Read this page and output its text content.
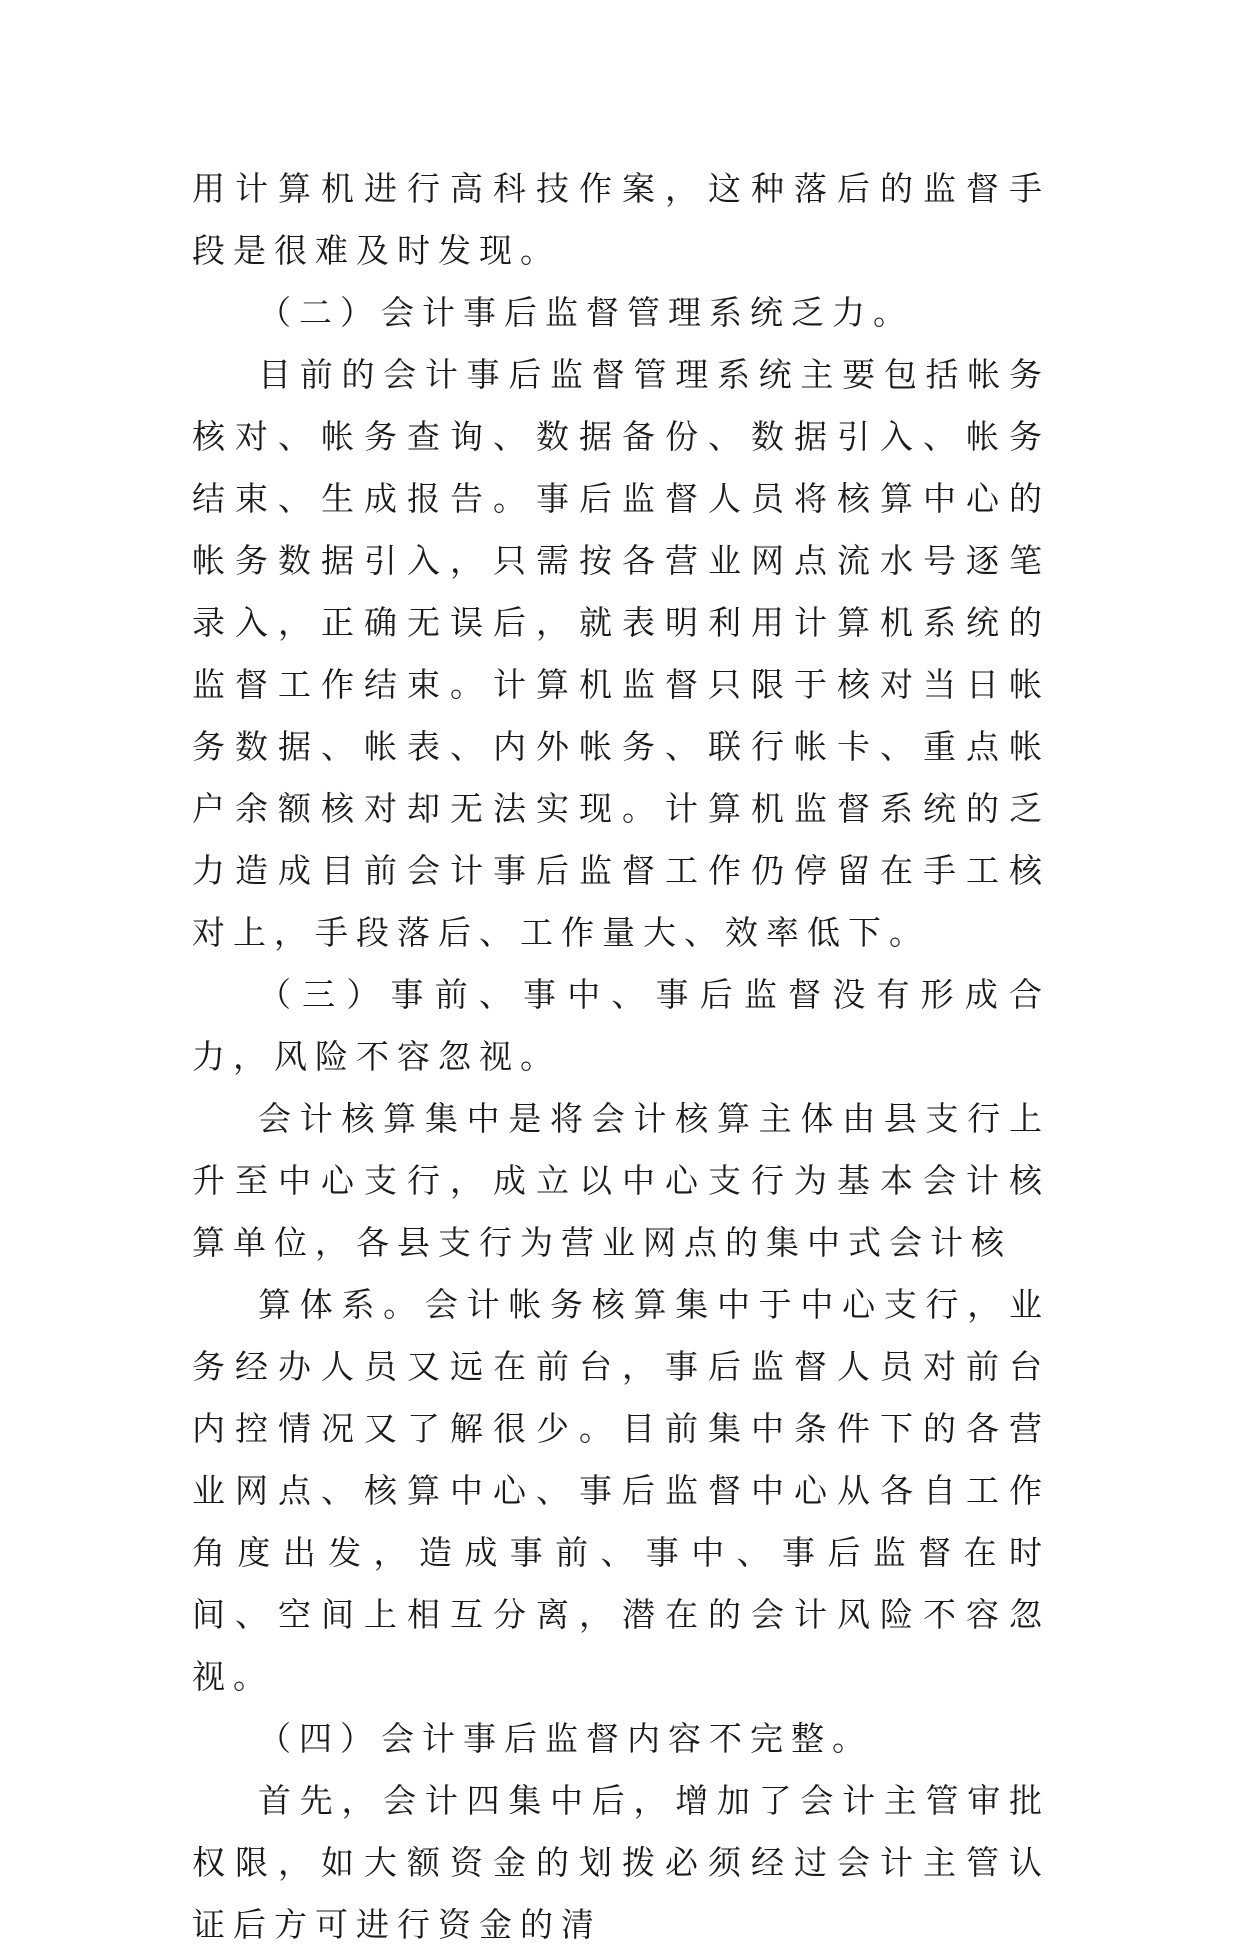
用计算机进行高科技作案，这种落后的监督手段是很难及时发现。

（二）会计事后监督管理系统乏力。

目前的会计事后监督管理系统主要包括帐务核对、帐务查询、数据备份、数据引入、帐务结束、生成报告。事后监督人员将核算中心的帐务数据引入，只需按各营业网点流水号逐笔录入，正确无误后，就表明利用计算机系统的监督工作结束。计算机监督只限于核对当日帐务数据、帐表、内外帐务、联行帐卡、重点帐户余额核对却无法实现。计算机监督系统的乏力造成目前会计事后监督工作仍停留在手工核对上，手段落后、工作量大、效率低下。

（三）事前、事中、事后监督没有形成合力，风险不容忽视。

会计核算集中是将会计核算主体由县支行上升至中心支行，成立以中心支行为基本会计核算单位，各县支行为营业网点的集中式会计核

算体系。会计帐务核算集中于中心支行，业务经办人员又远在前台，事后监督人员对前台内控情况又了解很少。目前集中条件下的各营业网点、核算中心、事后监督中心从各自工作角度出发，造成事前、事中、事后监督在时间、空间上相互分离，潜在的会计风险不容忽视。

（四）会计事后监督内容不完整。

首先，会计四集中后，增加了会计主管审批权限，如大额资金的划拨必须经过会计主管认证后方可进行资金的清
